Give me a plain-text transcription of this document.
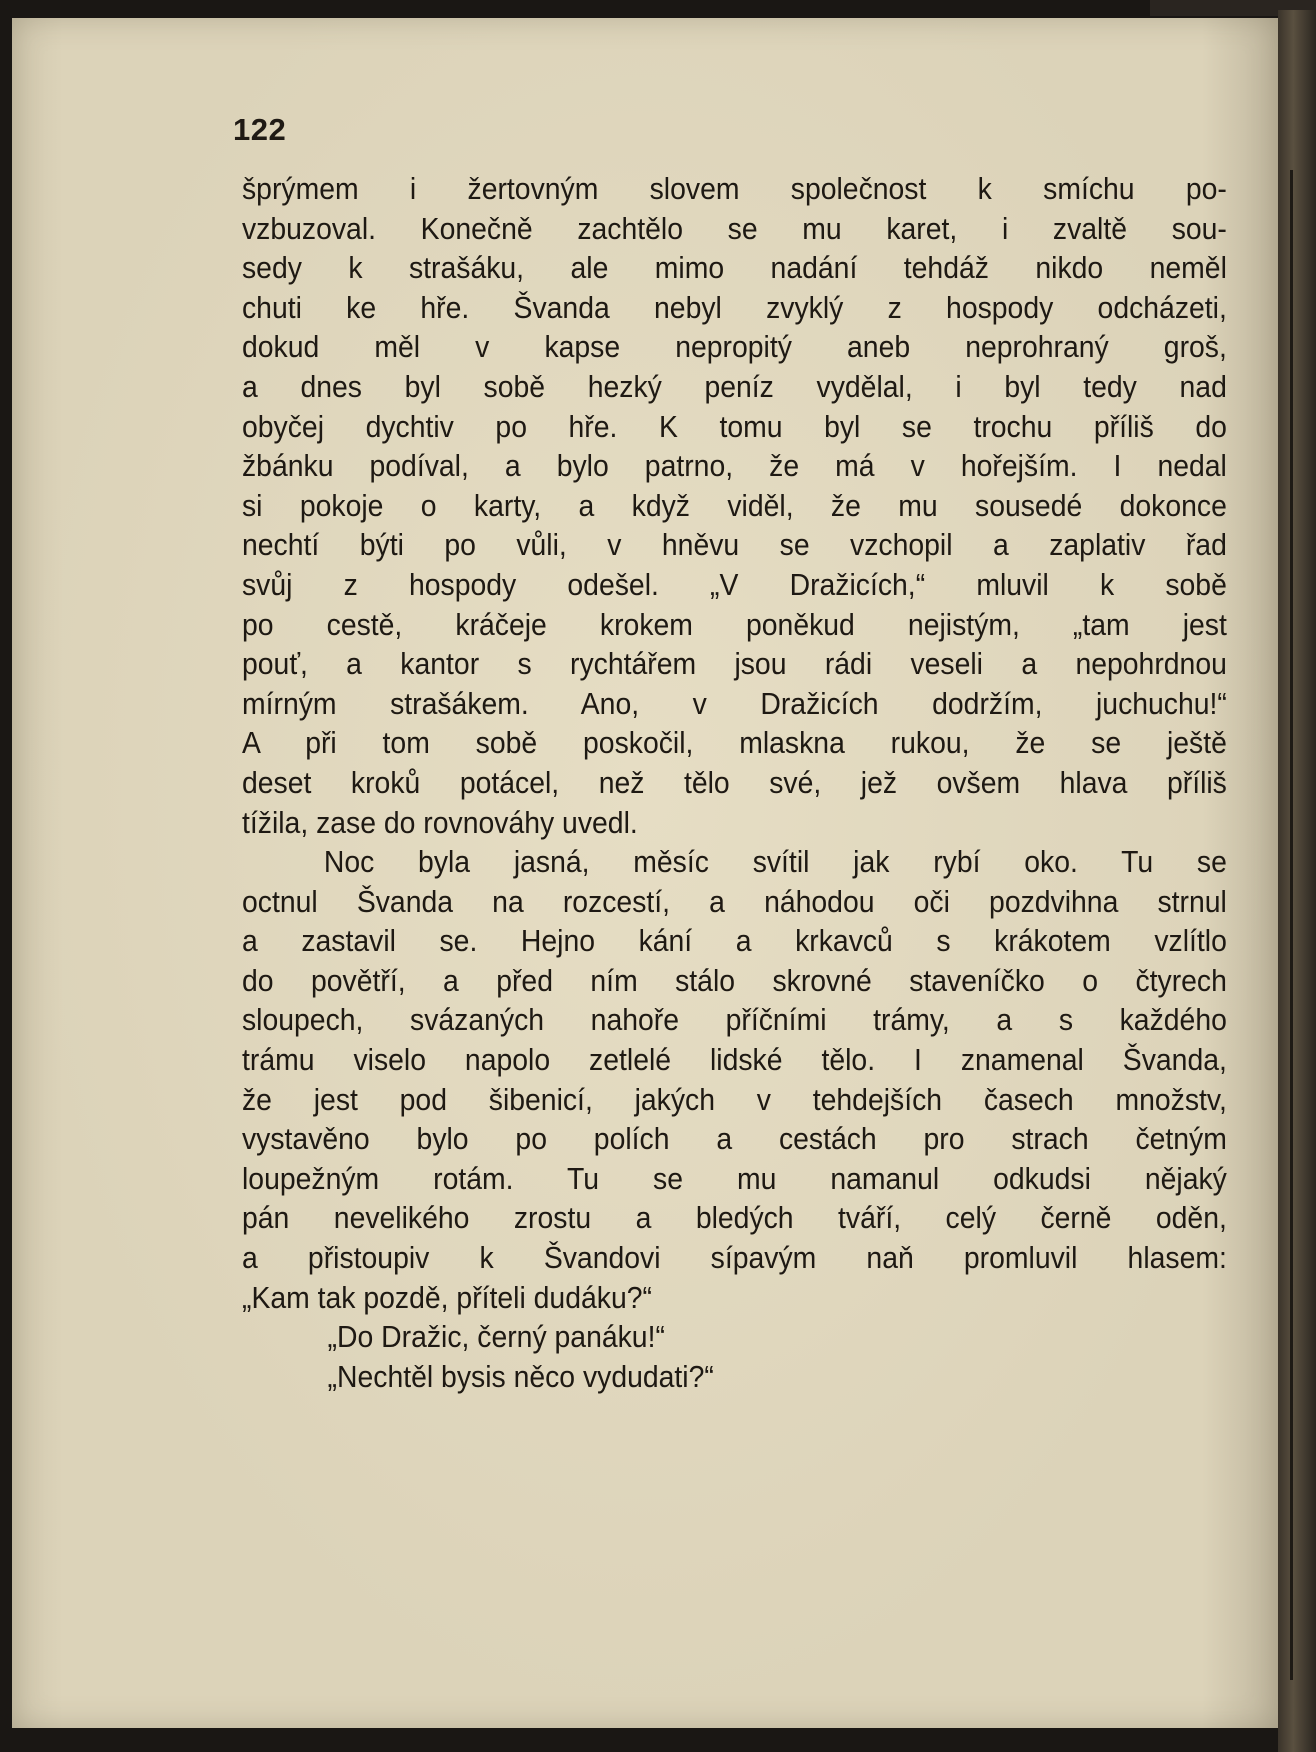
122
šprýmem i žertovným slovem společnost k smíchu po-
vzbuzoval. Konečně zachtělo se mu karet, i zvaltě sou-
sedy k strašáku, ale mimo nadání tehdáž nikdo neměl
chuti ke hře. Švanda nebyl zvyklý z hospody odcházeti,
dokud měl v kapse nepropitý aneb neprohraný groš,
a dnes byl sobě hezký peníz vydělal, i byl tedy nad
obyčej dychtiv po hře. K tomu byl se trochu příliš do
žbánku podíval, a bylo patrno, že má v hořejším. I nedal
si pokoje o karty, a když viděl, že mu sousedé dokonce
nechtí býti po vůli, v hněvu se vzchopil a zaplativ řad
svůj z hospody odešel. „V Dražicích,“ mluvil k sobě
po cestě, kráčeje krokem poněkud nejistým, „tam jest
pouť, a kantor s rychtářem jsou rádi veseli a nepohrdnou
mírným strašákem. Ano, v Dražicích dodržím, juchuchu!“
A při tom sobě poskočil, mlaskna rukou, že se ještě
deset kroků potácel, než tělo své, jež ovšem hlava příliš
tížila, zase do rovnováhy uvedl.
Noc byla jasná, měsíc svítil jak rybí oko. Tu se
octnul Švanda na rozcestí, a náhodou oči pozdvihna strnul
a zastavil se. Hejno kání a krkavců s krákotem vzlítlo
do povětří, a před ním stálo skrovné staveníčko o čtyrech
sloupech, svázaných nahoře příčními trámy, a s každého
trámu viselo napolo zetlelé lidské tělo. I znamenal Švanda,
že jest pod šibenicí, jakých v tehdejších časech množstv,
vystavěno bylo po polích a cestách pro strach četným
loupežným rotám. Tu se mu namanul odkudsi nějaký
pán nevelikého zrostu a bledých tváří, celý černě oděn,
a přistoupiv k Švandovi sípavým naň promluvil hlasem:
„Kam tak pozdě, příteli dudáku?“
„Do Dražic, černý panáku!“
„Nechtěl bysis něco vydudati?“
